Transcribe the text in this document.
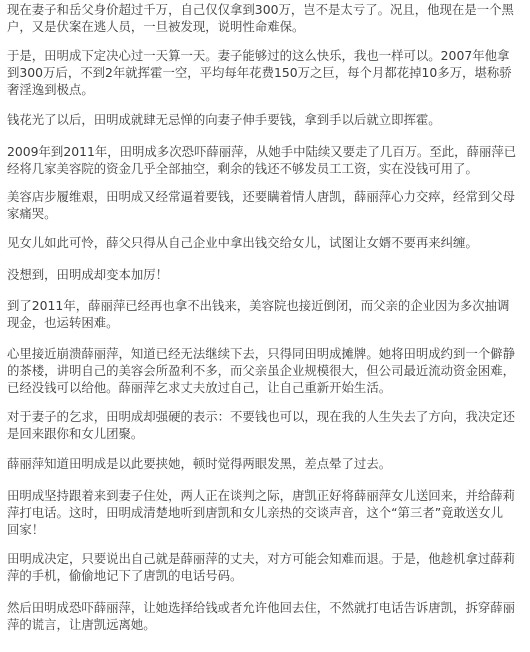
现在妻子和岳父身价超过千万，自己仅仅拿到300万，岂不是太亏了。况且，他现在是一个黑
户，又是伏案在逃人员，一旦被发现，说明性命难保。

于是，田明成下定决心过一天算一天。妻子能够过的这么快乐，我也一样可以。2007年他拿
到300万后，不到2年就挥霍一空，平均每年花费150万之巨，每个月都花掉10多万，堪称骄
奢淫逸到极点。

钱花光了以后，田明成就肆无忌惮的向妻子伸手要钱，拿到手以后就立即挥霍。

2009年到2011年，田明成多次恐吓薛丽萍，从她手中陆续又要走了几百万。至此，薛丽萍已
经将几家美容院的资金几乎全部抽空，剩余的钱还不够发员工工资，实在没钱可用了。

美容店步履维艰，田明成又经常逼着要钱，还要瞒着情人唐凯，薛丽萍心力交瘁，经常到父母
家痛哭。

见女儿如此可怜，薛父只得从自己企业中拿出钱交给女儿，试图让女婿不要再来纠缠。

没想到，田明成却变本加厉！

到了2011年，薛丽萍已经再也拿不出钱来，美容院也接近倒闭，而父亲的企业因为多次抽调
现金，也运转困难。

心里接近崩溃薛丽萍，知道已经无法继续下去，只得同田明成摊牌。她将田明成约到一个僻静
的茶楼，讲明自己的美容会所盈利不多，而父亲虽企业规模很大，但公司最近流动资金困难，
已经没钱可以给他。薛丽萍乞求丈夫放过自己，让自己重新开始生活。

对于妻子的乞求，田明成却强硬的表示：不要钱也可以，现在我的人生失去了方向，我决定还
是回来跟你和女儿团聚。

薛丽萍知道田明成是以此要挟她，顿时觉得两眼发黑，差点晕了过去。

田明成坚持跟着来到妻子住处，两人正在谈判之际，唐凯正好将薛丽萍女儿送回来，并给薛莉
萍打电话。这时，田明成清楚地听到唐凯和女儿亲热的交谈声音，这个“第三者”竟敢送女儿
回家！

田明成决定，只要说出自己就是薛丽萍的丈夫，对方可能会知难而退。于是，他趁机拿过薛莉
萍的手机，偷偷地记下了唐凯的电话号码。

然后田明成恐吓薛丽萍，让她选择给钱或者允许他回去住，不然就打电话告诉唐凯，拆穿薛丽
萍的谎言，让唐凯远离她。
